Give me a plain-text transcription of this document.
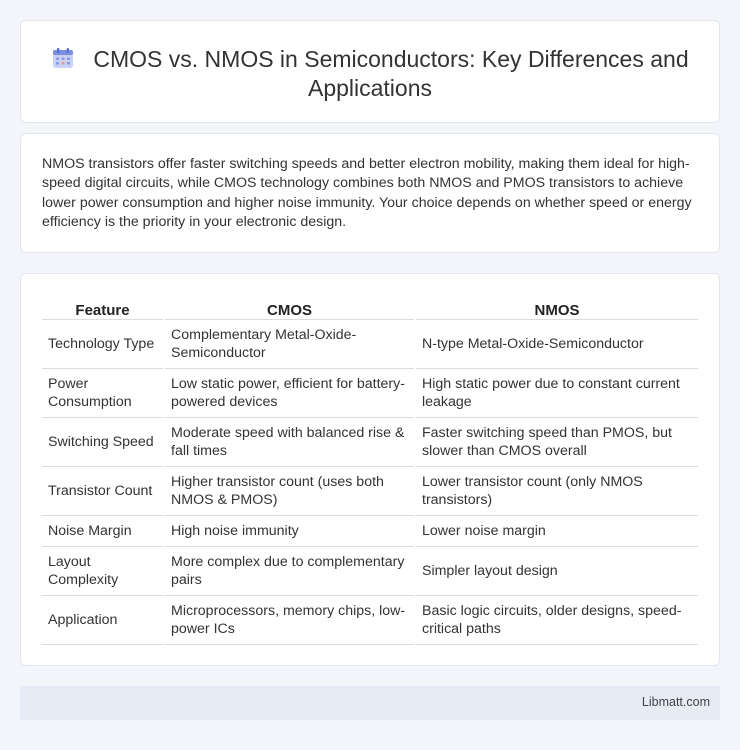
CMOS vs. NMOS in Semiconductors: Key Differences and Applications

NMOS transistors offer faster switching speeds and better electron mobility, making them ideal for high-speed digital circuits, while CMOS technology combines both NMOS and PMOS transistors to achieve lower power consumption and higher noise immunity. Your choice depends on whether speed or energy efficiency is the priority in your electronic design.

Feature	CMOS	NMOS
Technology Type	Complementary Metal-Oxide-Semiconductor	N-type Metal-Oxide-Semiconductor
Power Consumption	Low static power, efficient for battery-powered devices	High static power due to constant current leakage
Switching Speed	Moderate speed with balanced rise & fall times	Faster switching speed than PMOS, but slower than CMOS overall
Transistor Count	Higher transistor count (uses both NMOS & PMOS)	Lower transistor count (only NMOS transistors)
Noise Margin	High noise immunity	Lower noise margin
Layout Complexity	More complex due to complementary pairs	Simpler layout design
Application	Microprocessors, memory chips, low-power ICs	Basic logic circuits, older designs, speed-critical paths
Libmatt.com
